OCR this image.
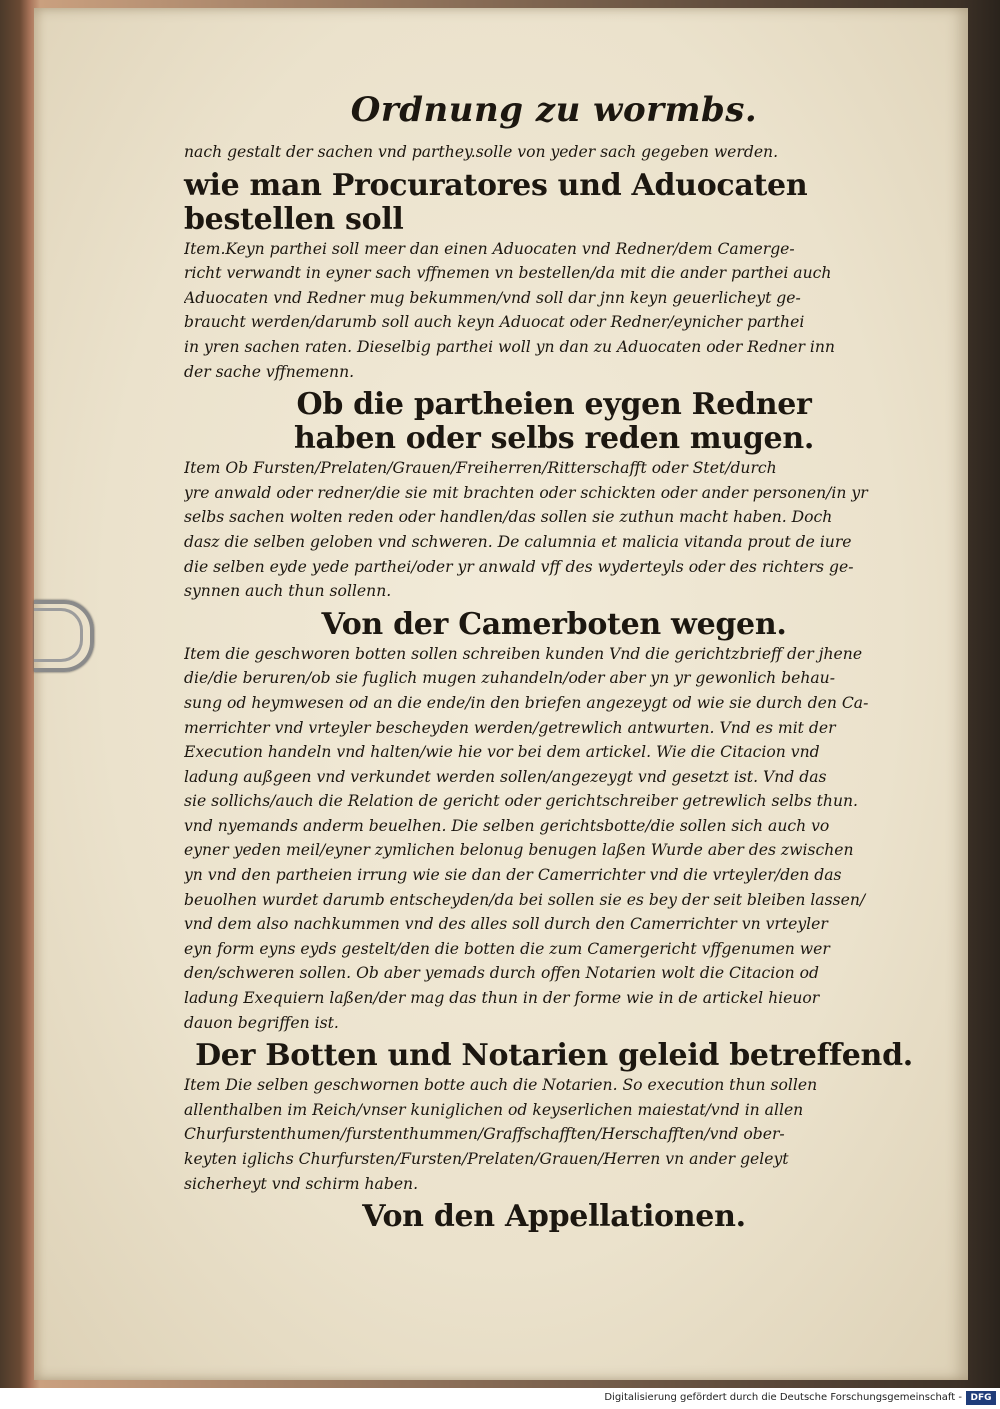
Ordnung zu wormbs.
nach gestalt der sachen vnd parthey.solle von yeder sach gegeben werden.
wie man Procuratores und Aduocaten bestellen soll
Item.Keyn parthei soll meer dan einen Aduocaten vnd Redner/dem Camerge-
richt verwandt in eyner sach vffnemen vn bestellen/da mit die ander parthei auch
Aduocaten vnd Redner mug bekummen/vnd soll dar jnn keyn geuerlicheyt ge-
braucht werden/darumb soll auch keyn Aduocat oder Redner/eynicher parthei
in yren sachen raten. Dieselbig parthei woll yn dan zu Aduocaten oder Redner inn
der sache vffnemenn.
Ob die partheien eygen Redner
haben oder selbs reden mugen.
Item Ob Fursten/Prelaten/Grauen/Freiherren/Ritterschafft oder Stet/durch
yre anwald oder redner/die sie mit brachten oder schickten oder ander personen/in yr
selbs sachen wolten reden oder handlen/das sollen sie zuthun macht haben. Doch
dasz die selben geloben vnd schweren. De calumnia et malicia vitanda prout de iure
die selben eyde yede parthei/oder yr anwald vff des wyderteyls oder des richters ge-
synnen auch thun sollenn.
Von der Camerboten wegen.
Item die geschworen botten sollen schreiben kunden Vnd die gerichtzbrieff der jhene
die/die beruren/ob sie fuglich mugen zuhandeln/oder aber yn yr gewonlich behau-
sung od heymwesen od an die ende/in den briefen angezeygt od wie sie durch den Ca-
merrichter vnd vrteyler bescheyden werden/getrewlich antwurten. Vnd es mit der
Execution handeln vnd halten/wie hie vor bei dem artickel. Wie die Citacion vnd
ladung außgeen vnd verkundet werden sollen/angezeygt vnd gesetzt ist. Vnd das
sie sollichs/auch die Relation de gericht oder gerichtschreiber getrewlich selbs thun.
vnd nyemands anderm beuelhen. Die selben gerichtsbotte/die sollen sich auch vo
eyner yeden meil/eyner zymlichen belonug benugen laßen Wurde aber des zwischen
yn vnd den partheien irrung wie sie dan der Camerrichter vnd die vrteyler/den das
beuolhen wurdet darumb entscheyden/da bei sollen sie es bey der seit bleiben lassen/
vnd dem also nachkummen vnd des alles soll durch den Camerrichter vn vrteyler
eyn form eyns eyds gestelt/den die botten die zum Camergericht vffgenumen wer
den/schweren sollen. Ob aber yemads durch offen Notarien wolt die Citacion od
ladung Exequiern laßen/der mag das thun in der forme wie in de artickel hieuor
dauon begriffen ist.
Der Botten und Notarien geleid betreffend.
Item Die selben geschwornen botte auch die Notarien. So execution thun sollen
allenthalben im Reich/vnser kuniglichen od keyserlichen maiestat/vnd in allen
Churfurstenthumen/furstenthummen/Graffschafften/Herschafften/vnd ober-
keyten iglichs Churfursten/Fursten/Prelaten/Grauen/Herren vn ander geleyt
sicherheyt vnd schirm haben.
Von den Appellationen.
Digitalisierung gefördert durch die Deutsche Forschungsgemeinschaft - DFG
